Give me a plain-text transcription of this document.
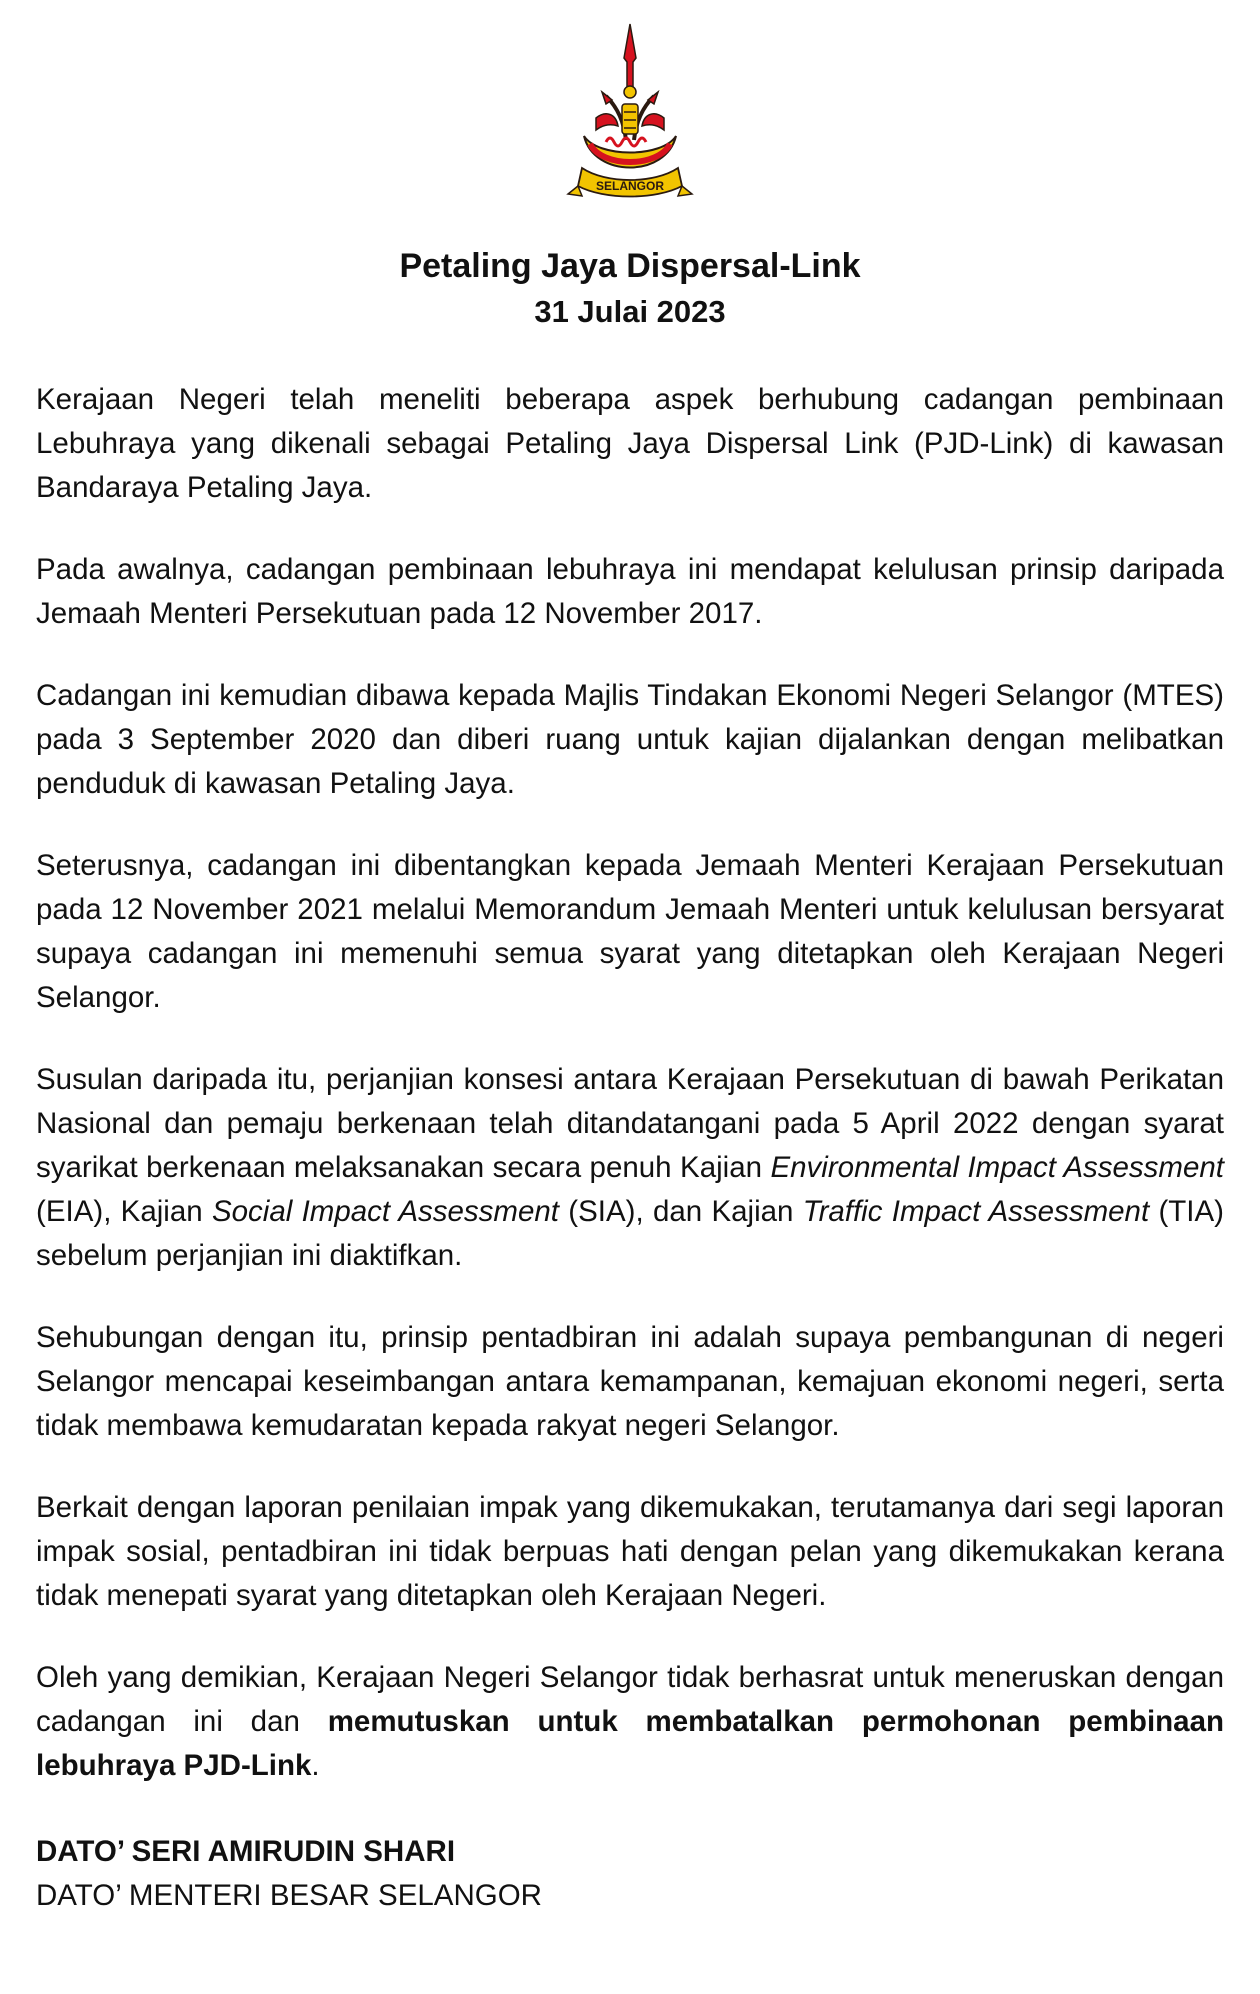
SELANGOR
Petaling Jaya Dispersal-Link
31 Julai 2023

Kerajaan Negeri telah meneliti beberapa aspek berhubung cadangan pembinaan Lebuhraya yang dikenali sebagai Petaling Jaya Dispersal Link (PJD-Link) di kawasan Bandaraya Petaling Jaya.

Pada awalnya, cadangan pembinaan lebuhraya ini mendapat kelulusan prinsip daripada Jemaah Menteri Persekutuan pada 12 November 2017.

Cadangan ini kemudian dibawa kepada Majlis Tindakan Ekonomi Negeri Selangor (MTES) pada 3 September 2020 dan diberi ruang untuk kajian dijalankan dengan melibatkan penduduk di kawasan Petaling Jaya.

Seterusnya, cadangan ini dibentangkan kepada Jemaah Menteri Kerajaan Persekutuan pada 12 November 2021 melalui Memorandum Jemaah Menteri untuk kelulusan bersyarat supaya cadangan ini memenuhi semua syarat yang ditetapkan oleh Kerajaan Negeri Selangor.

Susulan daripada itu, perjanjian konsesi antara Kerajaan Persekutuan di bawah Perikatan Nasional dan pemaju berkenaan telah ditandatangani pada 5 April 2022 dengan syarat syarikat berkenaan melaksanakan secara penuh Kajian Environmental Impact Assessment (EIA), Kajian Social Impact Assessment (SIA), dan Kajian Traffic Impact Assessment (TIA) sebelum perjanjian ini diaktifkan.

Sehubungan dengan itu, prinsip pentadbiran ini adalah supaya pembangunan di negeri Selangor mencapai keseimbangan antara kemampanan, kemajuan ekonomi negeri, serta tidak membawa kemudaratan kepada rakyat negeri Selangor.

Berkait dengan laporan penilaian impak yang dikemukakan, terutamanya dari segi laporan impak sosial, pentadbiran ini tidak berpuas hati dengan pelan yang dikemukakan kerana tidak menepati syarat yang ditetapkan oleh Kerajaan Negeri.

Oleh yang demikian, Kerajaan Negeri Selangor tidak berhasrat untuk meneruskan dengan cadangan ini dan memutuskan untuk membatalkan permohonan pembinaan lebuhraya PJD-Link.

DATO’ SERI AMIRUDIN SHARI

DATO’ MENTERI BESAR SELANGOR
